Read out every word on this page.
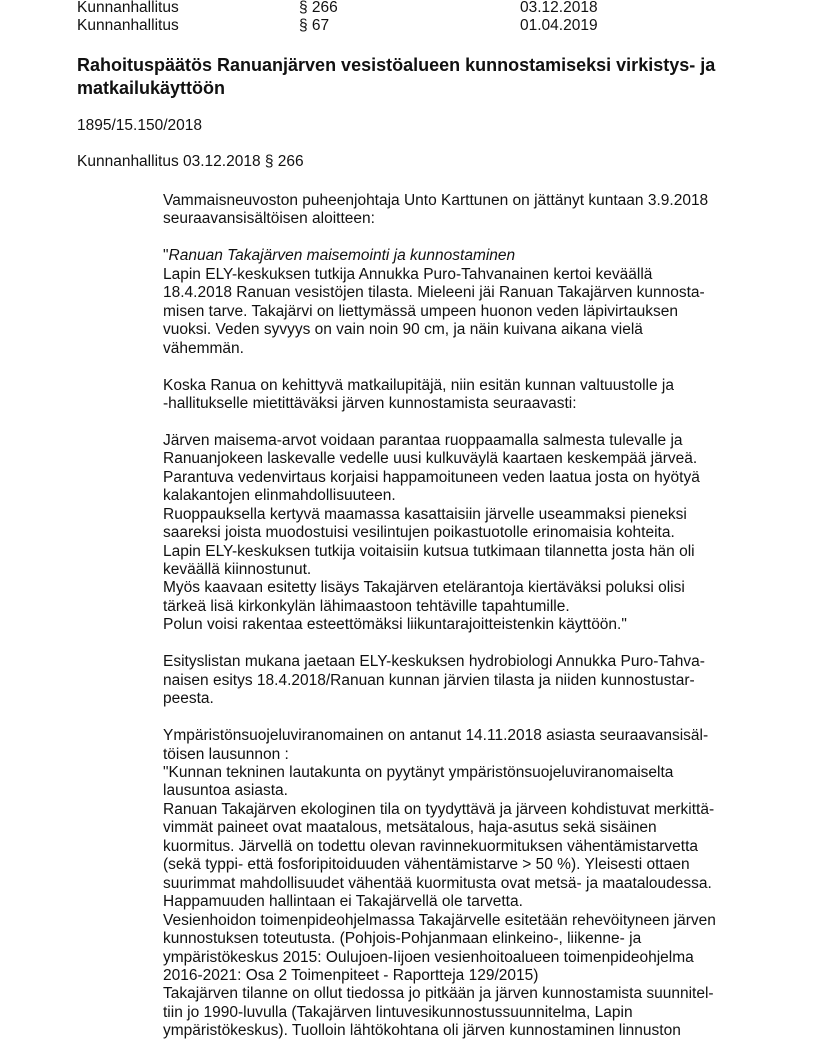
Kunnanhallitus	§ 266	03.12.2018
Kunnanhallitus	§ 67	01.04.2019
Rahoituspäätös Ranuanjärven vesistöalueen kunnostamiseksi virkistys- ja
matkailukäyttöön

1895/15.150/2018

Kunnanhallitus 03.12.2018 § 266

Vammaisneuvoston puheenjohtaja Unto Karttunen on jättänyt kuntaan 3.9.2018
seuraavansisältöisen aloitteen:

"Ranuan Takajärven maisemointi ja kunnostaminen
Lapin ELY-keskuksen tutkija Annukka Puro-Tahvanainen kertoi keväällä
18.4.2018 Ranuan vesistöjen tilasta. Mieleeni jäi Ranuan Takajärven kunnosta-
misen tarve. Takajärvi on liettymässä umpeen huonon veden läpivirtauksen
vuoksi. Veden syvyys on vain noin 90 cm, ja näin kuivana aikana vielä
vähemmän.

Koska Ranua on kehittyvä matkailupitäjä, niin esitän kunnan valtuustolle ja
-hallitukselle mietittäväksi järven kunnostamista seuraavasti:

Järven maisema-arvot voidaan parantaa ruoppaamalla salmesta tulevalle ja
Ranuanjokeen laskevalle vedelle uusi kulkuväylä kaartaen keskempää järveä.
Parantuva vedenvirtaus korjaisi happamoituneen veden laatua josta on hyötyä
kalakantojen elinmahdollisuuteen.
Ruoppauksella kertyvä maamassa kasattaisiin järvelle useammaksi pieneksi
saareksi joista muodostuisi vesilintujen poikastuotolle erinomaisia kohteita.
Lapin ELY-keskuksen tutkija voitaisiin kutsua tutkimaan tilannetta josta hän oli
keväällä kiinnostunut.
Myös kaavaan esitetty lisäys Takajärven etelärantoja kiertäväksi poluksi olisi
tärkeä lisä kirkonkylän lähimaastoon tehtäville tapahtumille.
Polun voisi rakentaa esteettömäksi liikuntarajoitteistenkin käyttöön."

Esityslistan mukana jaetaan ELY-keskuksen hydrobiologi Annukka Puro-Tahva-
naisen esitys 18.4.2018/Ranuan kunnan järvien tilasta ja niiden kunnostustar-
peesta.

Ympäristönsuojeluviranomainen on antanut 14.11.2018 asiasta seuraavansisäl-
töisen lausunnon :
"Kunnan tekninen lautakunta on pyytänyt ympäristönsuojeluviranomaiselta
lausuntoa asiasta.
Ranuan Takajärven ekologinen tila on tyydyttävä ja järveen kohdistuvat merkittä-
vimmät paineet ovat maatalous, metsätalous, haja-asutus sekä sisäinen
kuormitus. Järvellä on todettu olevan ravinnekuormituksen vähentämistarvetta
(sekä typpi- että fosforipitoiduuden vähentämistarve > 50 %). Yleisesti ottaen
suurimmat mahdollisuudet vähentää kuormitusta ovat metsä- ja maataloudessa.
Happamuuden hallintaan ei Takajärvellä ole tarvetta.
Vesienhoidon toimenpideohjelmassa Takajärvelle esitetään rehevöityneen järven
kunnostuksen toteutusta. (Pohjois-Pohjanmaan elinkeino-, liikenne- ja
ympäristökeskus 2015: Oulujoen-Iijoen vesienhoitoalueen toimenpideohjelma
2016-2021: Osa 2 Toimenpiteet - Raportteja 129/2015)
Takajärven tilanne on ollut tiedossa jo pitkään ja järven kunnostamista suunnitel-
tiin jo 1990-luvulla (Takajärven lintuvesikunnostussuunnitelma, Lapin
ympäristökeskus). Tuolloin lähtökohtana oli järven kunnostaminen linnuston
